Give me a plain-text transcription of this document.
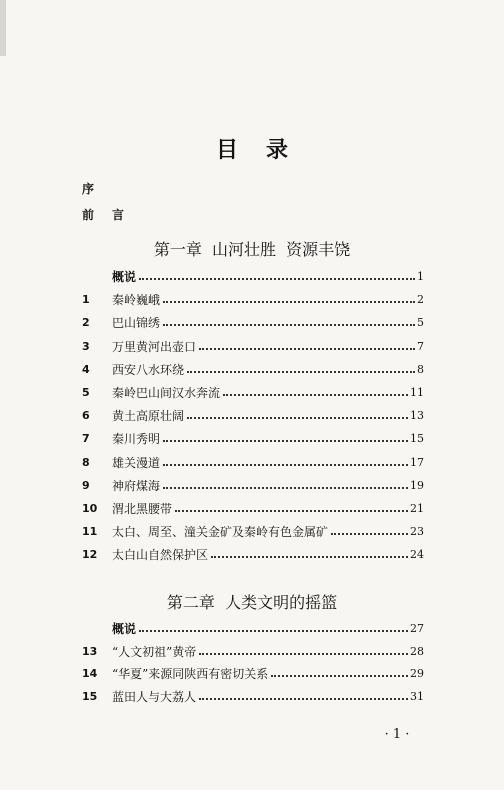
目录
序
前言
第一章  山河壮胜  资源丰饶
概说	1
1	秦岭巍峨	2
2	巴山锦绣	5
3	万里黄河出壶口	7
4	西安八水环绕	8
5	秦岭巴山间汉水奔流	11
6	黄土高原壮阔	13
7	秦川秀明	15
8	雄关漫道	17
9	神府煤海	19
10	渭北黑腰带	21
11	太白、周至、潼关金矿及秦岭有色金属矿	23
12	太白山自然保护区	24
第二章  人类文明的摇篮
概说	27
13	“人文初祖”黄帝	28
14	“华夏”来源同陕西有密切关系	29
15	蓝田人与大荔人	31
· 1 ·
